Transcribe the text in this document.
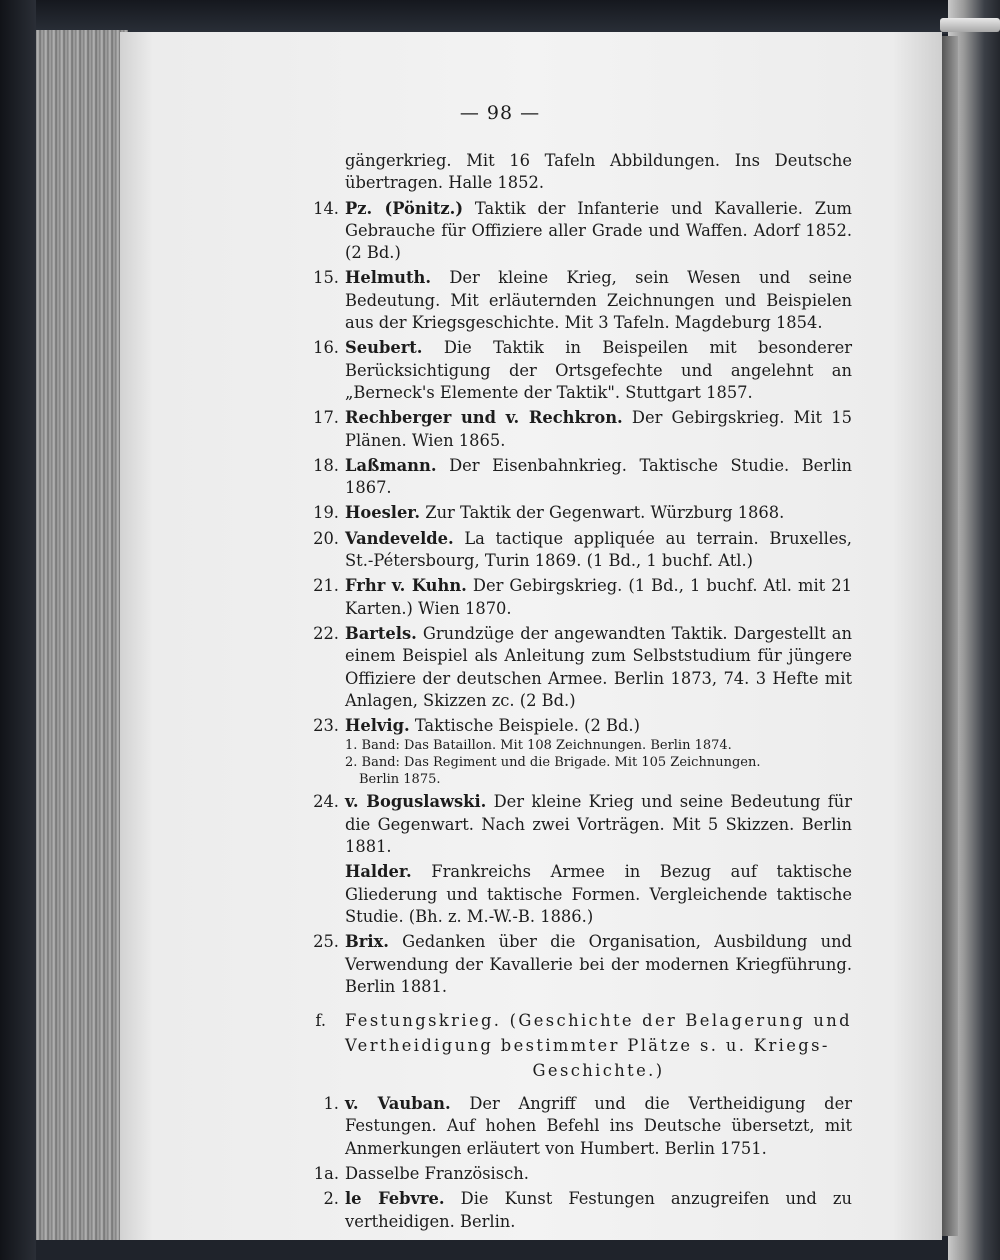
— 98 —
gängerkrieg. Mit 16 Tafeln Abbildungen. Ins Deutsche übertragen. Halle 1852.
14. Pz. (Pönitz.) Taktik der Infanterie und Kavallerie. Zum Gebrauche für Offiziere aller Grade und Waffen. Adorf 1852. (2 Bd.)
15. Helmuth. Der kleine Krieg, sein Wesen und seine Bedeutung. Mit erläuternden Zeichnungen und Beispielen aus der Kriegsgeschichte. Mit 3 Tafeln. Magdeburg 1854.
16. Seubert. Die Taktik in Beispeilen mit besonderer Berücksichtigung der Ortsgefechte und angelehnt an „Berneck's Elemente der Taktik". Stuttgart 1857.
17. Rechberger und v. Rechkron. Der Gebirgskrieg. Mit 15 Plänen. Wien 1865.
18. Laßmann. Der Eisenbahnkrieg. Taktische Studie. Berlin 1867.
19. Hoesler. Zur Taktik der Gegenwart. Würzburg 1868.
20. Vandevelde. La tactique appliquée au terrain. Bruxelles, St.-Pétersbourg, Turin 1869. (1 Bd., 1 buchf. Atl.)
21. Frhr v. Kuhn. Der Gebirgskrieg. (1 Bd., 1 buchf. Atl. mit 21 Karten.) Wien 1870.
22. Bartels. Grundzüge der angewandten Taktik. Dargestellt an einem Beispiel als Anleitung zum Selbststudium für jüngere Offiziere der deutschen Armee. Berlin 1873, 74. 3 Hefte mit Anlagen, Skizzen zc. (2 Bd.)
23. Helvig. Taktische Beispiele. (2 Bd.)
1. Band: Das Bataillon. Mit 108 Zeichnungen. Berlin 1874.
2. Band: Das Regiment und die Brigade. Mit 105 Zeichnungen.
Berlin 1875.
24. v. Boguslawski. Der kleine Krieg und seine Bedeutung für die Gegenwart. Nach zwei Vorträgen. Mit 5 Skizzen. Berlin 1881.
Halder. Frankreichs Armee in Bezug auf taktische Gliederung und taktische Formen. Vergleichende taktische Studie. (Bh. z. M.-W.-B. 1886.)
25. Brix. Gedanken über die Organisation, Ausbildung und Verwendung der Kavallerie bei der modernen Kriegführung. Berlin 1881.
f. Festungskrieg. (Geschichte der Belagerung und Vertheidigung bestimmter Plätze s. u. Kriegs-
Geschichte.)
1. v. Vauban. Der Angriff und die Vertheidigung der Festungen. Auf hohen Befehl ins Deutsche übersetzt, mit Anmerkungen erläutert von Humbert. Berlin 1751.
1a. Dasselbe Französisch.
2. le Febvre. Die Kunst Festungen anzugreifen und zu vertheidigen. Berlin.
